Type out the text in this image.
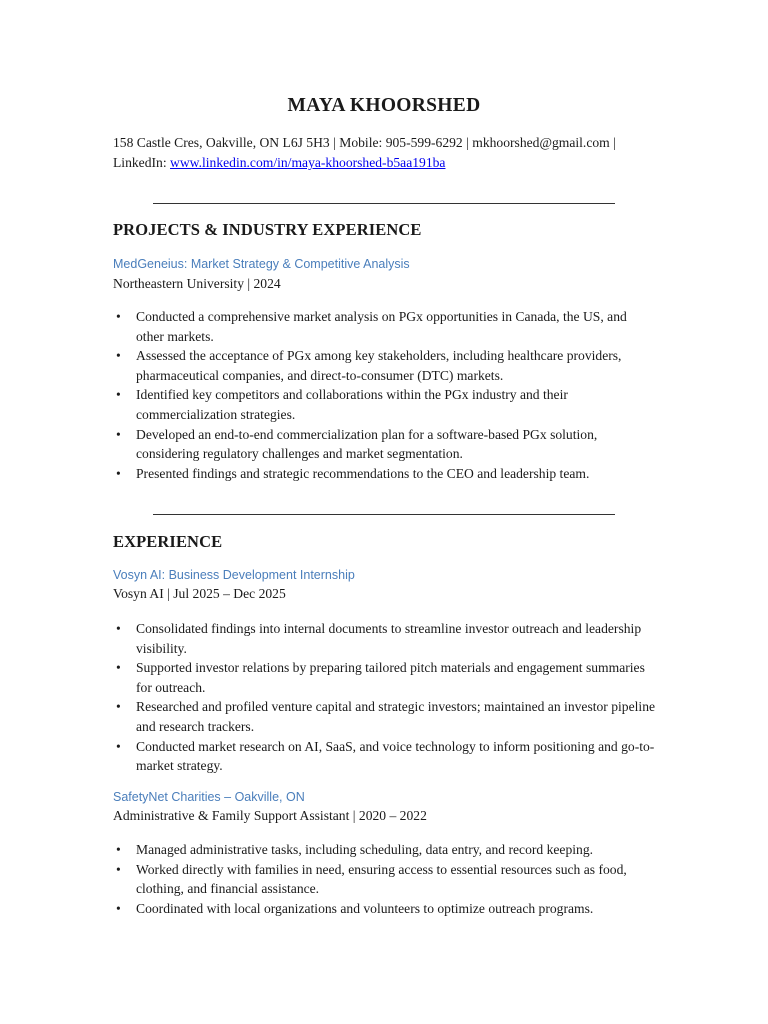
MAYA KHOORSHED
158 Castle Cres, Oakville, ON L6J 5H3 | Mobile: 905-599-6292 | mkhoorshed@gmail.com |
LinkedIn: www.linkedin.com/in/maya-khoorshed-b5aa191ba
PROJECTS & INDUSTRY EXPERIENCE
MedGeneius: Market Strategy & Competitive Analysis
Northeastern University | 2024
• Conducted a comprehensive market analysis on PGx opportunities in Canada, the US, and other markets.
• Assessed the acceptance of PGx among key stakeholders, including healthcare providers, pharmaceutical companies, and direct-to-consumer (DTC) markets.
• Identified key competitors and collaborations within the PGx industry and their commercialization strategies.
• Developed an end-to-end commercialization plan for a software-based PGx solution, considering regulatory challenges and market segmentation.
• Presented findings and strategic recommendations to the CEO and leadership team.
EXPERIENCE
Vosyn AI: Business Development Internship
Vosyn AI | Jul 2025 – Dec 2025
• Consolidated findings into internal documents to streamline investor outreach and leadership visibility.
• Supported investor relations by preparing tailored pitch materials and engagement summaries for outreach.
• Researched and profiled venture capital and strategic investors; maintained an investor pipeline and research trackers.
• Conducted market research on AI, SaaS, and voice technology to inform positioning and go-to-market strategy.
SafetyNet Charities – Oakville, ON
Administrative & Family Support Assistant | 2020 – 2022
• Managed administrative tasks, including scheduling, data entry, and record keeping.
• Worked directly with families in need, ensuring access to essential resources such as food, clothing, and financial assistance.
• Coordinated with local organizations and volunteers to optimize outreach programs.
